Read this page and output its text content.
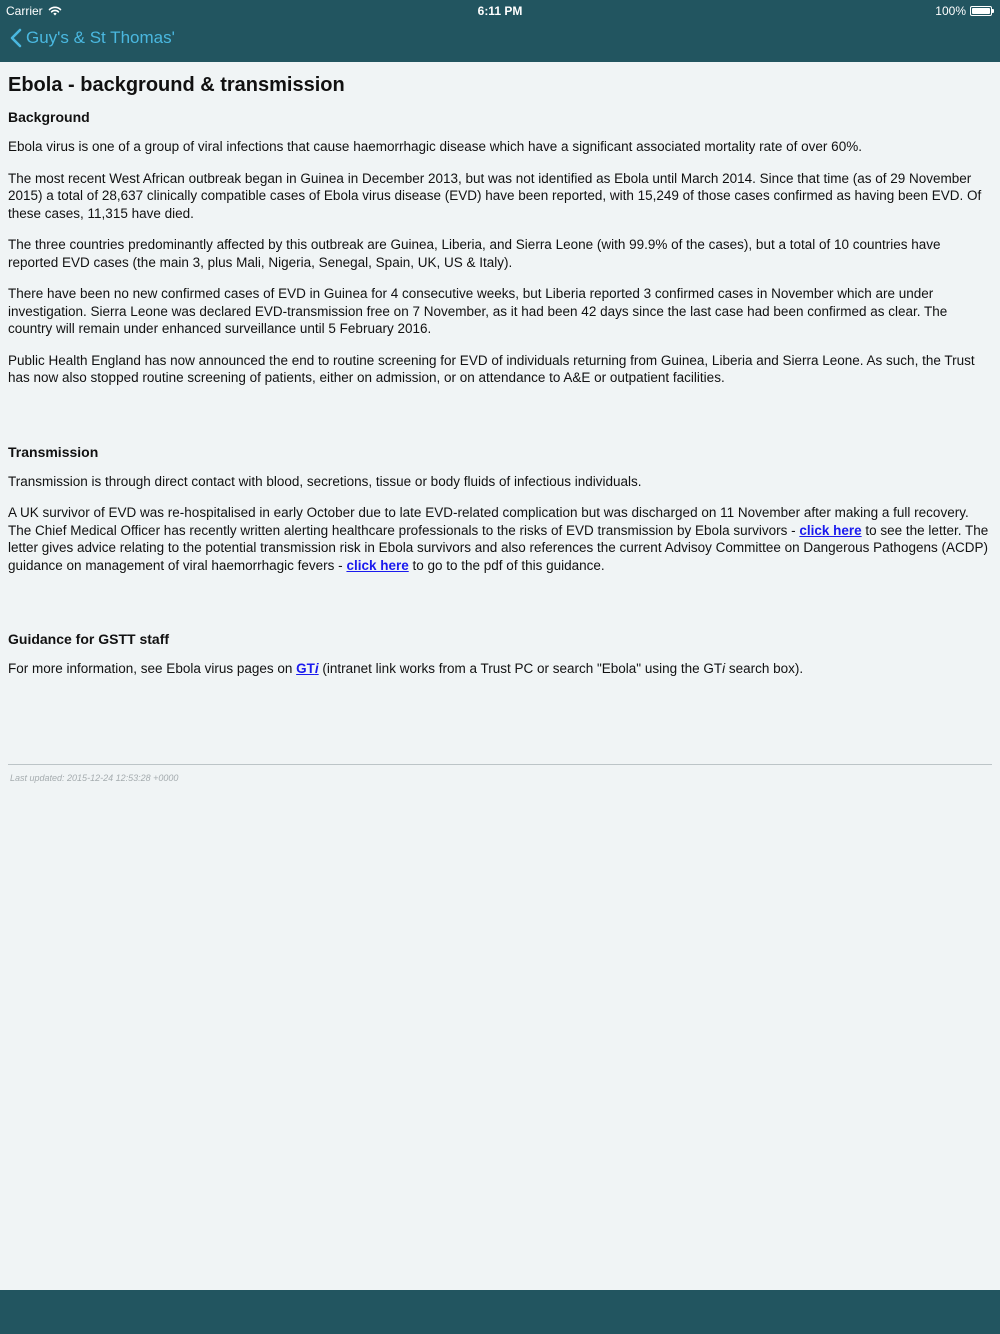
Carrier	6:11 PM	100%
Guy's & St Thomas'
Ebola - background & transmission
Background

Ebola virus is one of a group of viral infections that cause haemorrhagic disease which have a significant associated mortality rate of over 60%.

The most recent West African outbreak began in Guinea in December 2013, but was not identified as Ebola until March 2014. Since that time (as of 29 November 2015) a total of 28,637 clinically compatible cases of Ebola virus disease (EVD) have been reported, with 15,249 of those cases confirmed as having been EVD. Of these cases, 11,315 have died.

The three countries predominantly affected by this outbreak are Guinea, Liberia, and Sierra Leone (with 99.9% of the cases), but a total of 10 countries have reported EVD cases (the main 3, plus Mali, Nigeria, Senegal, Spain, UK, US & Italy).

There have been no new confirmed cases of EVD in Guinea for 4 consecutive weeks, but Liberia reported 3 confirmed cases in November which are under investigation. Sierra Leone was declared EVD-transmission free on 7 November, as it had been 42 days since the last case had been confirmed as clear. The country will remain under enhanced surveillance until 5 February 2016.

Public Health England has now announced the end to routine screening for EVD of individuals returning from Guinea, Liberia and Sierra Leone. As such, the Trust has now also stopped routine screening of patients, either on admission, or on attendance to A&E or outpatient facilities.

Transmission

Transmission is through direct contact with blood, secretions, tissue or body fluids of infectious individuals.

A UK survivor of EVD was re-hospitalised in early October due to late EVD-related complication but was discharged on 11 November after making a full recovery. The Chief Medical Officer has recently written alerting healthcare professionals to the risks of EVD transmission by Ebola survivors - click here to see the letter. The letter gives advice relating to the potential transmission risk in Ebola survivors and also references the current Advisoy Committee on Dangerous Pathogens (ACDP) guidance on management of viral haemorrhagic fevers - click here to go to the pdf of this guidance.

Guidance for GSTT staff

For more information, see Ebola virus pages on GTi (intranet link works from a Trust PC or search "Ebola" using the GTi search box).

Last updated: 2015-12-24 12:53:28 +0000
